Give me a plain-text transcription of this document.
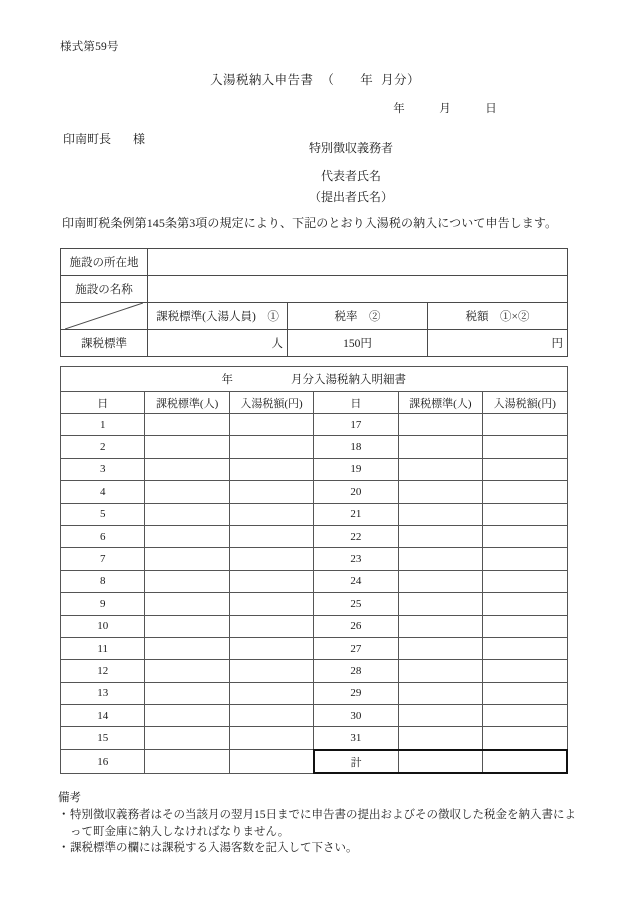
様式第59号
入湯税納入申告書 （ 年 月分）
年	月	日
印南町長 様
特別徴収義務者
代表者氏名
（提出者氏名）
印南町税条例第145条第3項の規定により、下記のとおり入湯税の納入について申告します。
施設の所在地			
施設の名称			

	課税標準(入湯人員)　①	税率　②	税額　①×②
課税標準	人	150円	円
年 月分入湯税納入明細書					
日	課税標準(人)	入湯税額(円)	日	課税標準(人)	入湯税額(円)
1			17		
2			18		
3			19		
4			20		
5			21		
6			22		
7			23		
8			24		
9			25		
10			26		
11			27		
12			28		
13			29		
14			30		
15			31		
16			計		
備考
・ 特別徴収義務者はその当該月の翌月15日までに申告書の提出およびその徴収した税金を納入書によって町金庫に納入しなければなりません。
・ 課税標準の欄には課税する入湯客数を記入して下さい。
